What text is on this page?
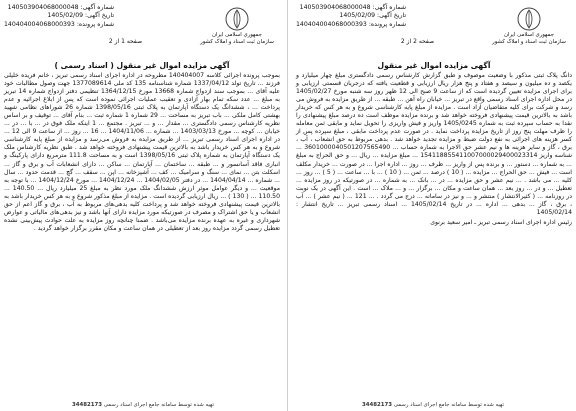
شماره آگهی: 140503904068000048
تاریخ آگهی: 1405/02/09
شماره پرونده: 140404004068000393
صفحه 1 از 2
جمهوری اسلامی ایران
سازمان ثبت اسناد و املاک کشور
آگهی مزایده اموال غیر منقول ( اسناد رسمی )

بموجب پرونده اجرائی کلاسه 140404007 مطروحه در اداره اجرای اسناد رسمی تبریز ، خانم فریده خلیلی فرزند ... تاریخ تولد 1337/04/12 شماره شناسنامه 135 کد ملی 1377089614 جهت وصول مطالبات خود علیه آقای ... بموجب سند ازدواج شماره 13668 مورخ 1364/12/15 تنظیمی دفتر ازدواج شماره 14 تبریز به مبلغ ... عدد سکه تمام بهار آزادی و تعقیب عملیات اجرائی نموده است که پس از ابلاغ اجرائیه و عدم پرداخت ... ، ششدانگ یک دستگاه آپارتمان به پلاک ثبتی 1398/05/16 شماره 26 شوراهای نظامی شهید بهشتی کامل ملکی ... باب تبریز به مساحت ... 29 شماره 1 شماره ثبت ... بنام آقای ... توقیف و بر اساس نظریه کارشناس رسمی دادگستری ... مقدار ... و ... تبریز . مجتمع ... 1 اینکه ملک فوق در ... با ... در ... خیابان ... کوچه ... مورخ 1403/03/13 ... شماره ... 1404/11/06 ... 16 ... روز ... از ساعت 9 الی 12 ... در اداره اجرای اسناد رسمی تبریز ... از طریق مزایده به فروش می‌رسد و مزایده از مبلغ پایه کارشناسی شروع و به هر کس خریدار باشد به بالاترین قیمت پیشنهادی فروخته خواهد شد . طبق نظریه کارشناس ملک یک دستگاه آپارتمان به شماره پلاک ثبتی 1398/05/16 است و به مساحت 111.8 مترمربع دارای پارکینگ و انباری فاقد آسانسور و ... طبقه ... ساختمان ... آپارتمان ... ساکن ... دارای انشعابات آب و برق و گاز ... اسکلت بتن ... نمای ... سنگ و سرامیک ... کف ... آشپزخانه ... اپن ... سقف ... گچ ... قدمت حدود ... سال ... شماره ... 1404/04/14 ... در دفتر 1404/02/05 ... 1404/12/24 ... مورخ 1404/12/24 ... با توجه به موقعیت ... و دیگر عوامل موثر ارزش ششدانگ ملک مورد نظر به مبلغ 25 میلیارد ریال ... 140.50 ... 110.50 ... ( 130 ) ... ریال ارزیابی گردیده است . مزایده از مبلغ مذکور شروع و به هر کس خریدار باشد به بالاترین قیمت پیشنهادی فروخته خواهد شد و پرداخت کلیه بدهی‌های مربوط به آب ، برق و گاز اعم از حق انشعاب و یا حق اشتراک و مصرف در صورتیکه مورد مزایده دارای آنها باشد و نیز بدهی‌های مالیاتی و عوارض شهرداری و غیره به عهده برنده مزایده می‌باشد . ضمنا چنانچه روز مزایده به علت حوادث پیش‌بینی نشده تعطیل رسمی گردد مزایده روز بعد از تعطیلی در همان ساعت و مکان مقرر برگزار خواهد گردید .

تهیه شده توسط سامانه جامع اجرای اسناد رسمی 34482173
شماره آگهی: 140503904068000048
تاریخ آگهی: 1405/02/09
شماره پرونده: 140404004068000393
صفحه 2 از 2
جمهوری اسلامی ایران
سازمان ثبت اسناد و املاک کشور
آگهی مزایده اموال غیر منقول

دانگ پلاک ثبتی مذکور با وضعیت موصوف و طبق گزارش کارشناس رسمی دادگستری مبلغ چهار میلیارد و یکصد و ده میلیون و سیصد و هفتاد و پنج هزار ریال ارزیابی و قطعیت یافته که درجریان قسمتی ارزیابی و برای اجرای مزایده تعیین گردیده است که از ساعت 9 صبح الی 12 ظهر روز سه شنبه مورخ 1405/02/27 در محل اداره اجرای اسناد رسمی واقع در تبریز ... خیابان راه آهن ... طبقه ... از طریق مزایده به فروش می رسد و شرکت برای کلیه متقاضیان آزاد است . مزایده از مبلغ پایه کارشناسی شروع و به هر کس که خریدار باشد به بالاترین قیمت پیشنهادی فروخته خواهد شد و برنده مزایده موظف است ده درصد مبلغ پیشنهادی را نقدا به حساب سپرده ثبت به شماره 1405/0245 واریز و فیش واریزی را تحویل نماید و مابقی ثمن معامله را ظرف مهلت پنج روز از تاریخ مزایده پرداخت نماید . در صورت عدم پرداخت مابقی ، مبلغ سپرده پس از کسر هزینه های اجرائی به نفع دولت ضبط و مزایده تجدید خواهد شد . بدهی مربوط به حق انشعاب ، آب ، برق ، گاز و سایر هزینه ها و نیم عشر حق الاجرا به شماره حساب ... 3601000040501207565490 ... شناسه واریز 154118855411007000029400023314 ... مبلغ مزایده ... ریال ... و حق الحراج به مبلغ ... به شماره ... دستور ... و برنده پس از واریز ... ظرف ... روز ... اداره اجرا ... در صورت ... خریدار مکلف است ... فیش ... حق الحراج ... مزایده ... ( 10 ) درصد ... ثمن ... ( 10 ) ... با ... ساعت ... ( 5 ) ... روز ... کلیه ... می باشد . ... نیم عشر و حق مزایده ... در ... بانک ... به شماره ... در صورتیکه در روز مزایده ... تعطیل ... و در ... روز بعد ... همان ساعت و مکان ... برگزار ... و ... ملاک ... است . این آگهی در یک نوبت در روزنامه ... ( کثیرالانتشار ) منتشر و ... و نیز در سامانه ... درج می گردد . ... 121 ... ( نیم عشر ) ... آب ، برق ، گاز ... بدهی ... اداره ... در تاریخ 1405/02/14 ... اسناد رسمی تبریز ... تاریخ انتشار : 1405/02/14

رئیس اداره اجرای اسناد رسمی تبریز ـ امیر سعید برنوی

تهیه شده توسط سامانه جامع اجرای اسناد رسمی 34482173
